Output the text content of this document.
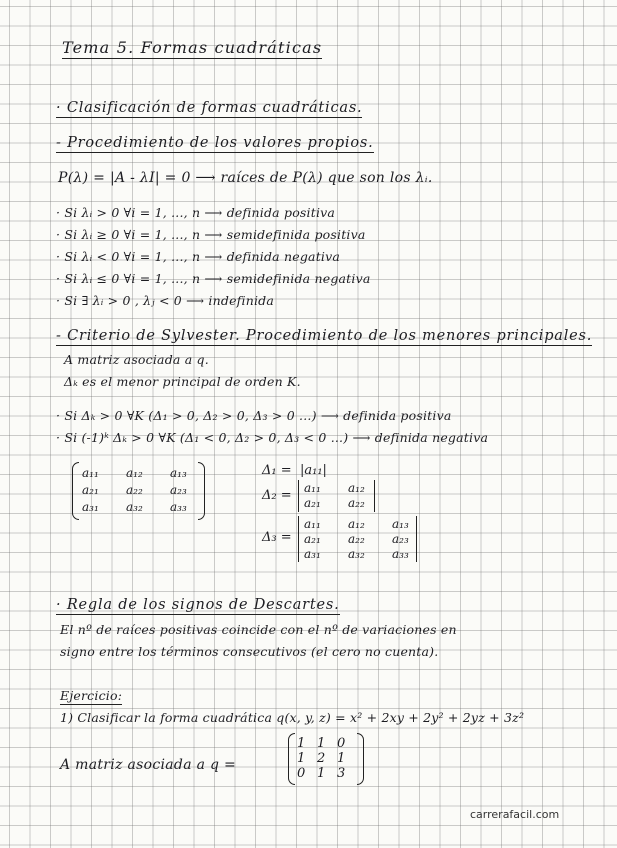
Tema 5. Formas cuadráticas
· Clasificación de formas cuadráticas.
- Procedimiento de los valores propios.
P(λ) = |A - λI| = 0 ⟶ raíces de P(λ) que son los λᵢ.
· Si λᵢ > 0 ∀i = 1, ..., n ⟶ definida positiva
· Si λᵢ ≥ 0 ∀i = 1, ..., n ⟶ semidefinida positiva
· Si λᵢ < 0 ∀i = 1, ..., n ⟶ definida negativa
· Si λᵢ ≤ 0 ∀i = 1, ..., n ⟶ semidefinida negativa
· Si ∃ λᵢ > 0 , λⱼ < 0 ⟶ indefinida
- Criterio de Sylvester. Procedimiento de los menores principales.
A matriz asociada a q.
Δₖ es el menor principal de orden K.
· Si Δₖ > 0 ∀K (Δ₁ > 0, Δ₂ > 0, Δ₃ > 0 ...) ⟶ definida positiva
· Si (-1)ᵏ Δₖ > 0 ∀K (Δ₁ < 0, Δ₂ > 0, Δ₃ < 0 ...) ⟶ definida negativa
a₁₁	a₁₂	a₁₃
a₂₁	a₂₂	a₂₃
a₃₁	a₃₂	a₃₃
Δ₁ = |a₁₁|
Δ₂ = a₁₁	a₁₂
a₂₁	a₂₂
Δ₃ =
a₁₁	a₁₂	a₁₃
a₂₁	a₂₂	a₂₃
a₃₁	a₃₂	a₃₃
· Regla de los signos de Descartes.
El nº de raíces positivas coincide con el nº de variaciones en
signo entre los términos consecutivos (el cero no cuenta).
Ejercicio:
1) Clasificar la forma cuadrática q(x, y, z) = x² + 2xy + 2y² + 2yz + 3z²
A matriz asociada a q =
1 1 0
1 2 1
0 1 3
carrerafacil.com
